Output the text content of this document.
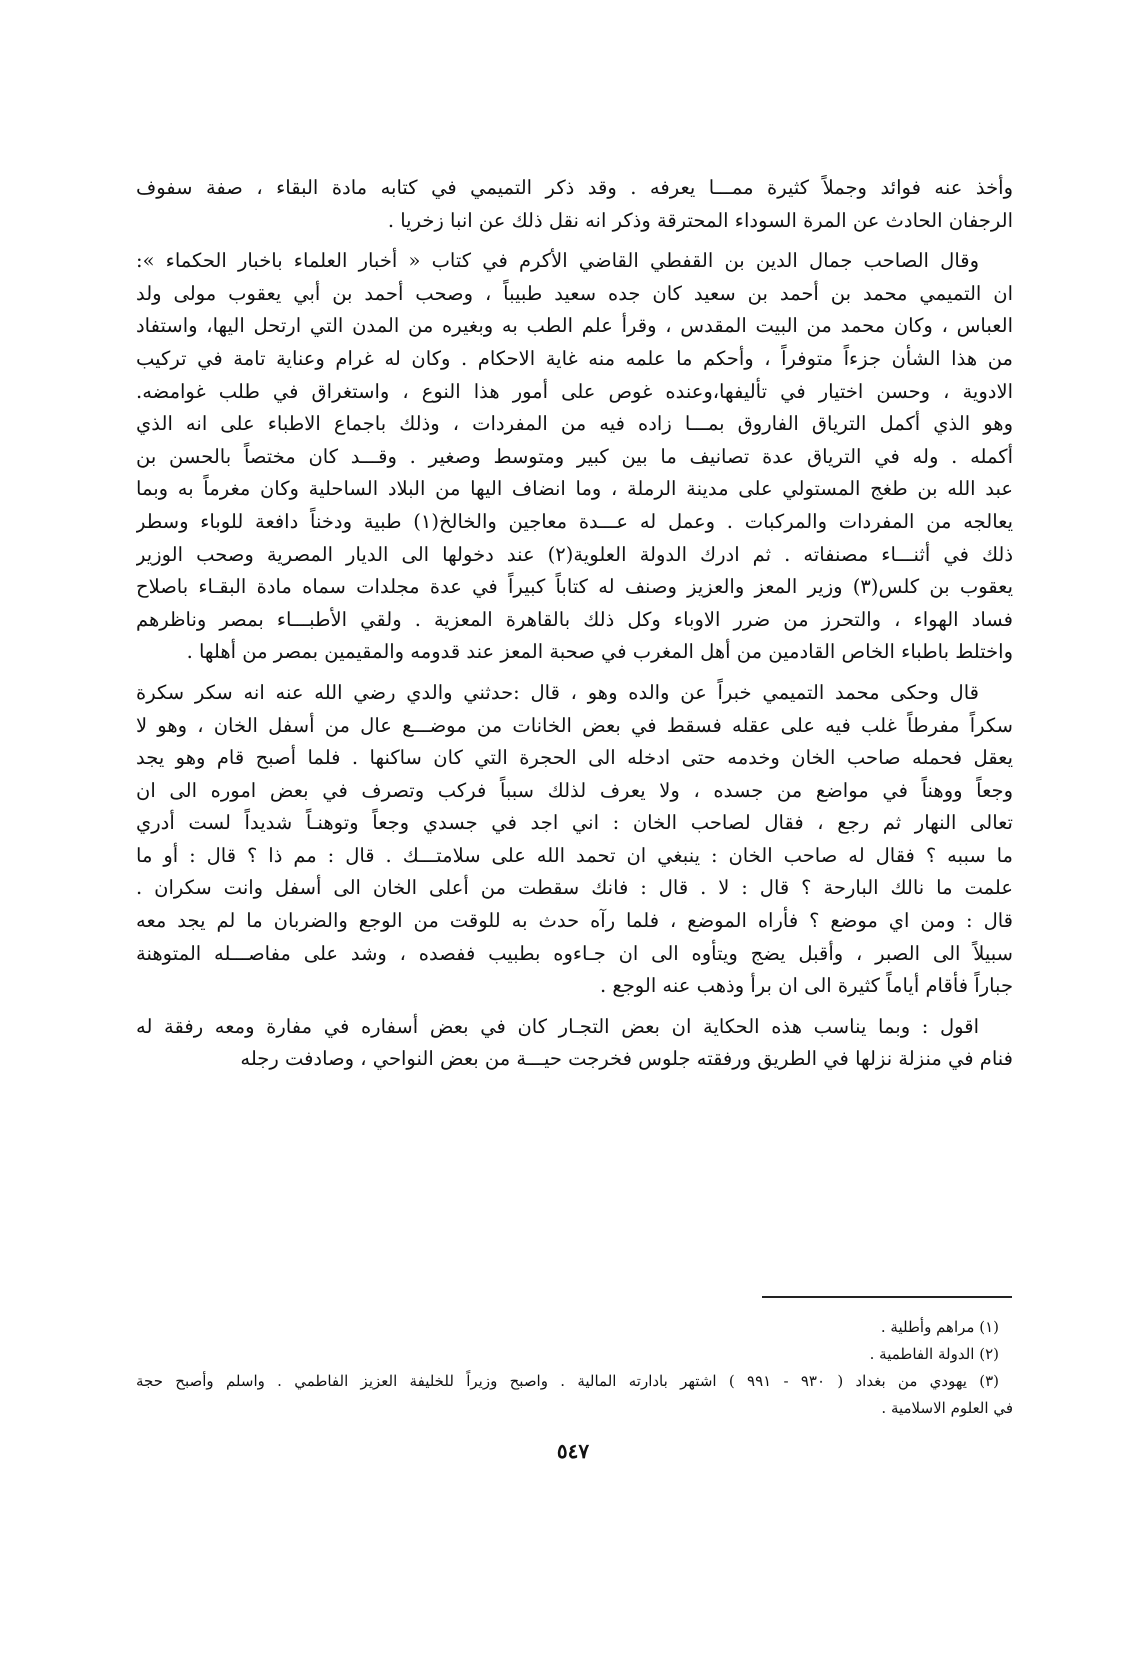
وأخذ عنه فوائد وجملاً كثيرة ممـــا يعرفه . وقد ذكر التميمي في كتابه مادة البقاء ، صفة سفوف
الرجفان الحادث عن المرة السوداء المحترقة وذكر انه نقل ذلك عن انبا زخريا .
وقال الصاحب جمال الدين بن القفطي القاضي الأكرم في كتاب « أخبار العلماء باخبار الحكماء »:
ان التميمي محمد بن أحمد بن سعيد كان جده سعيد طبيباً ، وصحب أحمد بن أبي يعقوب مولى ولد
العباس ، وكان محمد من البيت المقدس ، وقرأ علم الطب به وبغيره من المدن التي ارتحل اليها، واستفاد
من هذا الشأن جزءاً متوفراً ، وأحكم ما علمه منه غاية الاحكام . وكان له غرام وعناية تامة في تركيب
الادوية ، وحسن اختيار في تأليفها،وعنده غوص على أمور هذا النوع ، واستغراق في طلب غوامضه.
وهو الذي أكمل الترياق الفاروق بمـــا زاده فيه من المفردات ، وذلك باجماع الاطباء على انه الذي
أكمله . وله في الترياق عدة تصانيف ما بين كبير ومتوسط وصغير . وقـــد كان مختصاً بالحسن بن
عبد الله بن طغج المستولي على مدينة الرملة ، وما انضاف اليها من البلاد الساحلية وكان مغرماً به وبما
يعالجه من المفردات والمركبات . وعمل له عـــدة معاجين والخالخ(١) طبية ودخناً دافعة للوباء وسطر
ذلك في أثنـــاء مصنفاته . ثم ادرك الدولة العلوية(٢) عند دخولها الى الديار المصرية وصحب الوزير
يعقوب بن كلس(٣) وزير المعز والعزيز وصنف له كتاباً كبيراً في عدة مجلدات سماه مادة البقـاء باصلاح
فساد الهواء ، والتحرز من ضرر الاوباء وكل ذلك بالقاهرة المعزية . ولقي الأطبـــاء بمصر وناظرهم
واختلط باطباء الخاص القادمين من أهل المغرب في صحبة المعز عند قدومه والمقيمين بمصر من أهلها .
قال وحكى محمد التميمي خبراً عن والده وهو ، قال :حدثني والدي رضي الله عنه انه سكر سكرة
سكراً مفرطاً غلب فيه على عقله فسقط في بعض الخانات من موضـــع عال من أسفل الخان ، وهو لا
يعقل فحمله صاحب الخان وخدمه حتى ادخله الى الحجرة التي كان ساكنها . فلما أصبح قام وهو يجد
وجعاً ووهناً في مواضع من جسده ، ولا يعرف لذلك سبباً فركب وتصرف في بعض اموره الى ان
تعالى النهار ثم رجع ، فقال لصاحب الخان : اني اجد في جسدي وجعاً وتوهنـاً شديداً لست أدري
ما سببه ؟ فقال له صاحب الخان : ينبغي ان تحمد الله على سلامتـــك . قال : مم ذا ؟ قال : أو ما
علمت ما نالك البارحة ؟ قال : لا . قال : فانك سقطت من أعلى الخان الى أسفل وانت سكران .
قال : ومن اي موضع ؟ فأراه الموضع ، فلما رآه حدث به للوقت من الوجع والضربان ما لم يجد معه
سبيلاً الى الصبر ، وأقبل يضج ويتأوه الى ان جـاءوه بطبيب ففصده ، وشد على مفاصـــله المتوهنة
جباراً فأقام أياماً كثيرة الى ان برأ وذهب عنه الوجع .
اقول : وبما يناسب هذه الحكاية ان بعض التجـار كان في بعض أسفاره في مفارة ومعه رفقة له
فنام في منزلة نزلها في الطريق ورفقته جلوس فخرجت حيـــة من بعض النواحي ، وصادفت رجله
(١) مراهم وأطلية .
(٢) الدولة الفاطمية .
(٣) يهودي من بغداد ( ٩٣٠ - ٩٩١ ) اشتهر بادارته المالية . واصبح وزيراً للخليفة العزيز الفاطمي . واسلم وأصبح حجة
في العلوم الاسلامية .
٥٤٧
